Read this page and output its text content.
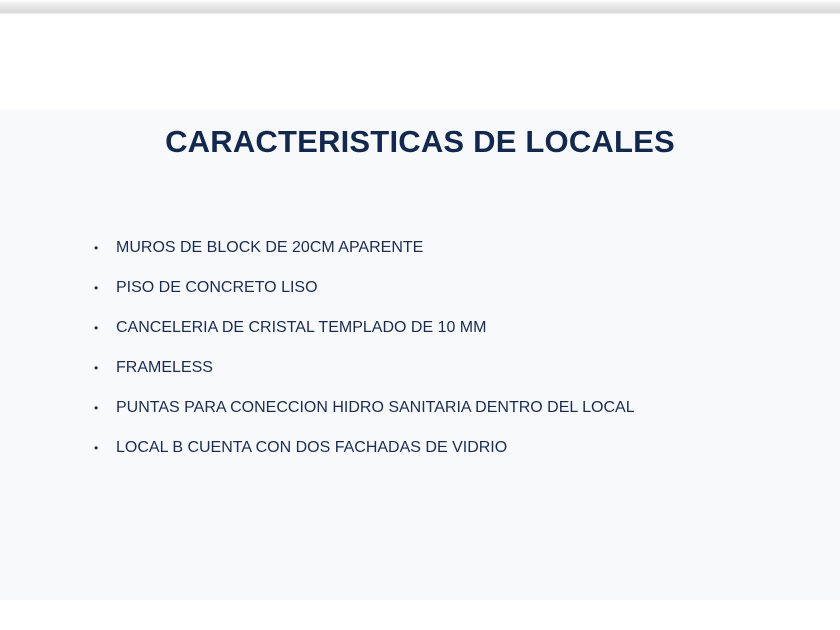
CARACTERISTICAS DE LOCALES
• MUROS DE BLOCK DE 20CM APARENTE
• PISO DE CONCRETO LISO
• CANCELERIA DE CRISTAL TEMPLADO DE 10 MM
• FRAMELESS
• PUNTAS PARA CONECCION HIDRO SANITARIA DENTRO DEL LOCAL
• LOCAL B CUENTA CON DOS FACHADAS DE VIDRIO
